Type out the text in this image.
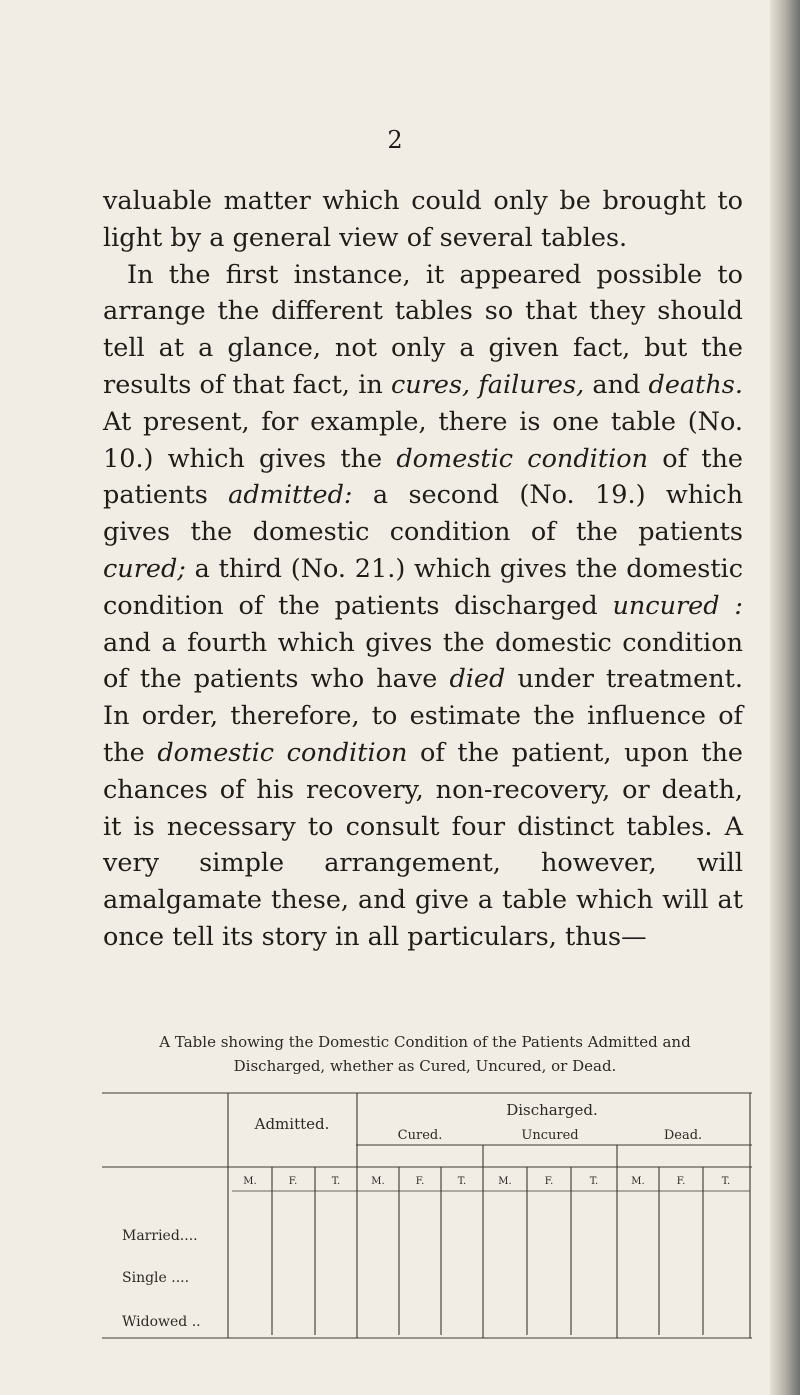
2

valuable matter which could only be brought to light by a general view of several tables.

In the first instance, it appeared possible to arrange the different tables so that they should tell at a glance, not only a given fact, but the results of that fact, in cures, failures, and deaths. At present, for example, there is one table (No. 10.) which gives the domestic condition of the patients admitted: a second (No. 19.) which gives the domestic condition of the patients cured; a third (No. 21.) which gives the domestic condition of the patients discharged uncured : and a fourth which gives the domestic condition of the patients who have died under treatment. In order, therefore, to estimate the influence of the domestic condition of the patient, upon the chances of his recovery, non-recovery, or death, it is necessary to consult four distinct tables. A very simple arrangement, however, will amalgamate these, and give a table which will at once tell its story in all particulars, thus—

A Table showing the Domestic Condition of the Patients Admitted and
Discharged, whether as Cured, Uncured, or Dead.
Admitted.
Discharged.
Cured.	Uncured	Dead.
M.	F.	T.	M.	F.	T.	M.	F.	T.	M.	F.	T.
Married....
Single ....
Widowed ..
